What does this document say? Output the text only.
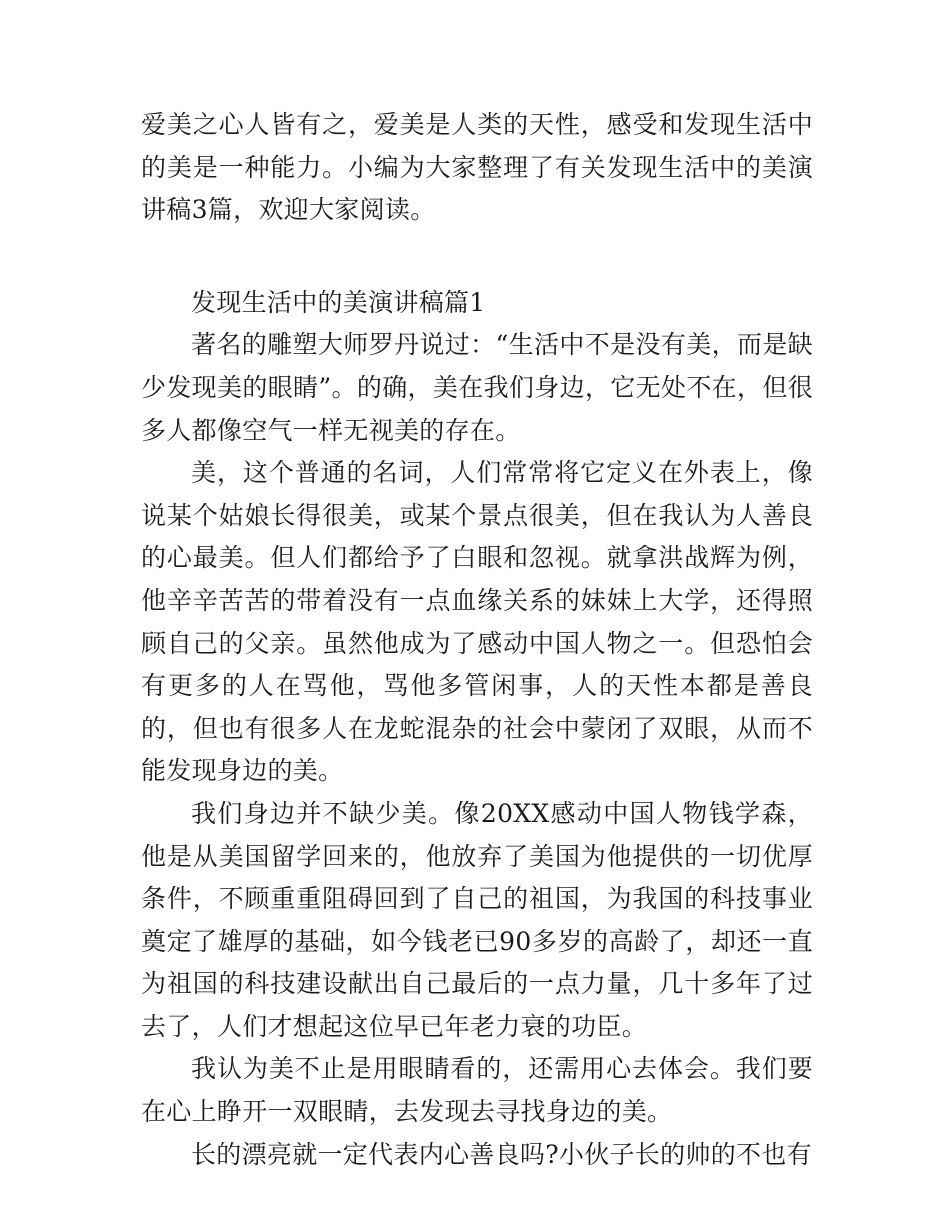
爱美之心人皆有之，爱美是人类的天性，感受和发现生活中的美是一种能力。小编为大家整理了有关发现生活中的美演讲稿3篇，欢迎大家阅读。

发现生活中的美演讲稿篇1

著名的雕塑大师罗丹说过：“生活中不是没有美，而是缺少发现美的眼睛”。的确，美在我们身边，它无处不在，但很多人都像空气一样无视美的存在。

美，这个普通的名词，人们常常将它定义在外表上，像说某个姑娘长得很美，或某个景点很美，但在我认为人善良的心最美。但人们都给予了白眼和忽视。就拿洪战辉为例，他辛辛苦苦的带着没有一点血缘关系的妹妹上大学，还得照顾自己的父亲。虽然他成为了感动中国人物之一。但恐怕会有更多的人在骂他，骂他多管闲事，人的天性本都是善良的，但也有很多人在龙蛇混杂的社会中蒙闭了双眼，从而不能发现身边的美。

我们身边并不缺少美。像20XX感动中国人物钱学森，他是从美国留学回来的，他放弃了美国为他提供的一切优厚条件，不顾重重阻碍回到了自己的祖国，为我国的科技事业奠定了雄厚的基础，如今钱老已90多岁的高龄了，却还一直为祖国的科技建设献出自己最后的一点力量，几十多年了过去了，人们才想起这位早已年老力衰的功臣。

我认为美不止是用眼睛看的，还需用心去体会。我们要在心上睁开一双眼睛，去发现去寻找身边的美。

长的漂亮就一定代表内心善良吗?小伙子长的帅的不也有
